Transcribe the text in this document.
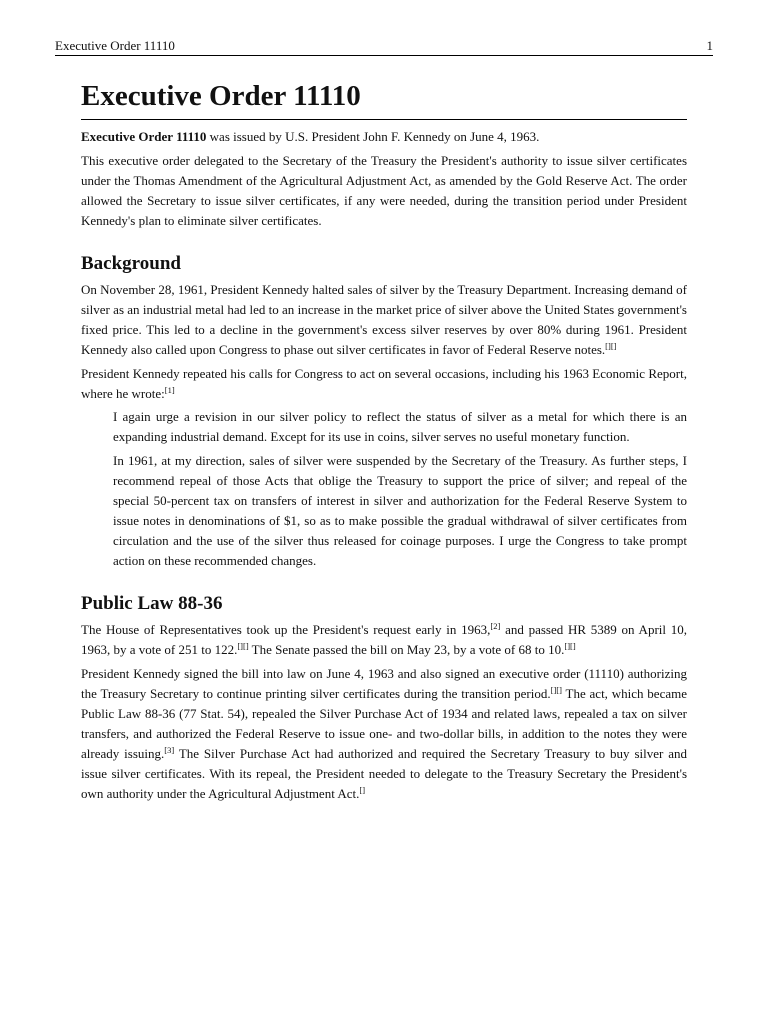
Executive Order 11110	1
Executive Order 11110

Executive Order 11110 was issued by U.S. President John F. Kennedy on June 4, 1963.

This executive order delegated to the Secretary of the Treasury the President's authority to issue silver certificates under the Thomas Amendment of the Agricultural Adjustment Act, as amended by the Gold Reserve Act. The order allowed the Secretary to issue silver certificates, if any were needed, during the transition period under President Kennedy's plan to eliminate silver certificates.

Background

On November 28, 1961, President Kennedy halted sales of silver by the Treasury Department. Increasing demand of silver as an industrial metal had led to an increase in the market price of silver above the United States government's fixed price. This led to a decline in the government's excess silver reserves by over 80% during 1961. President Kennedy also called upon Congress to phase out silver certificates in favor of Federal Reserve notes.[][]

President Kennedy repeated his calls for Congress to act on several occasions, including his 1963 Economic Report, where he wrote:[1]

I again urge a revision in our silver policy to reflect the status of silver as a metal for which there is an expanding industrial demand. Except for its use in coins, silver serves no useful monetary function.

In 1961, at my direction, sales of silver were suspended by the Secretary of the Treasury. As further steps, I recommend repeal of those Acts that oblige the Treasury to support the price of silver; and repeal of the special 50-percent tax on transfers of interest in silver and authorization for the Federal Reserve System to issue notes in denominations of $1, so as to make possible the gradual withdrawal of silver certificates from circulation and the use of the silver thus released for coinage purposes. I urge the Congress to take prompt action on these recommended changes.

Public Law 88-36

The House of Representatives took up the President's request early in 1963,[2] and passed HR 5389 on April 10, 1963, by a vote of 251 to 122.[][] The Senate passed the bill on May 23, by a vote of 68 to 10.[][]

President Kennedy signed the bill into law on June 4, 1963 and also signed an executive order (11110) authorizing the Treasury Secretary to continue printing silver certificates during the transition period.[][] The act, which became Public Law 88-36 (77 Stat. 54), repealed the Silver Purchase Act of 1934 and related laws, repealed a tax on silver transfers, and authorized the Federal Reserve to issue one- and two-dollar bills, in addition to the notes they were already issuing.[3] The Silver Purchase Act had authorized and required the Secretary Treasury to buy silver and issue silver certificates. With its repeal, the President needed to delegate to the Treasury Secretary the President's own authority under the Agricultural Adjustment Act.[]
